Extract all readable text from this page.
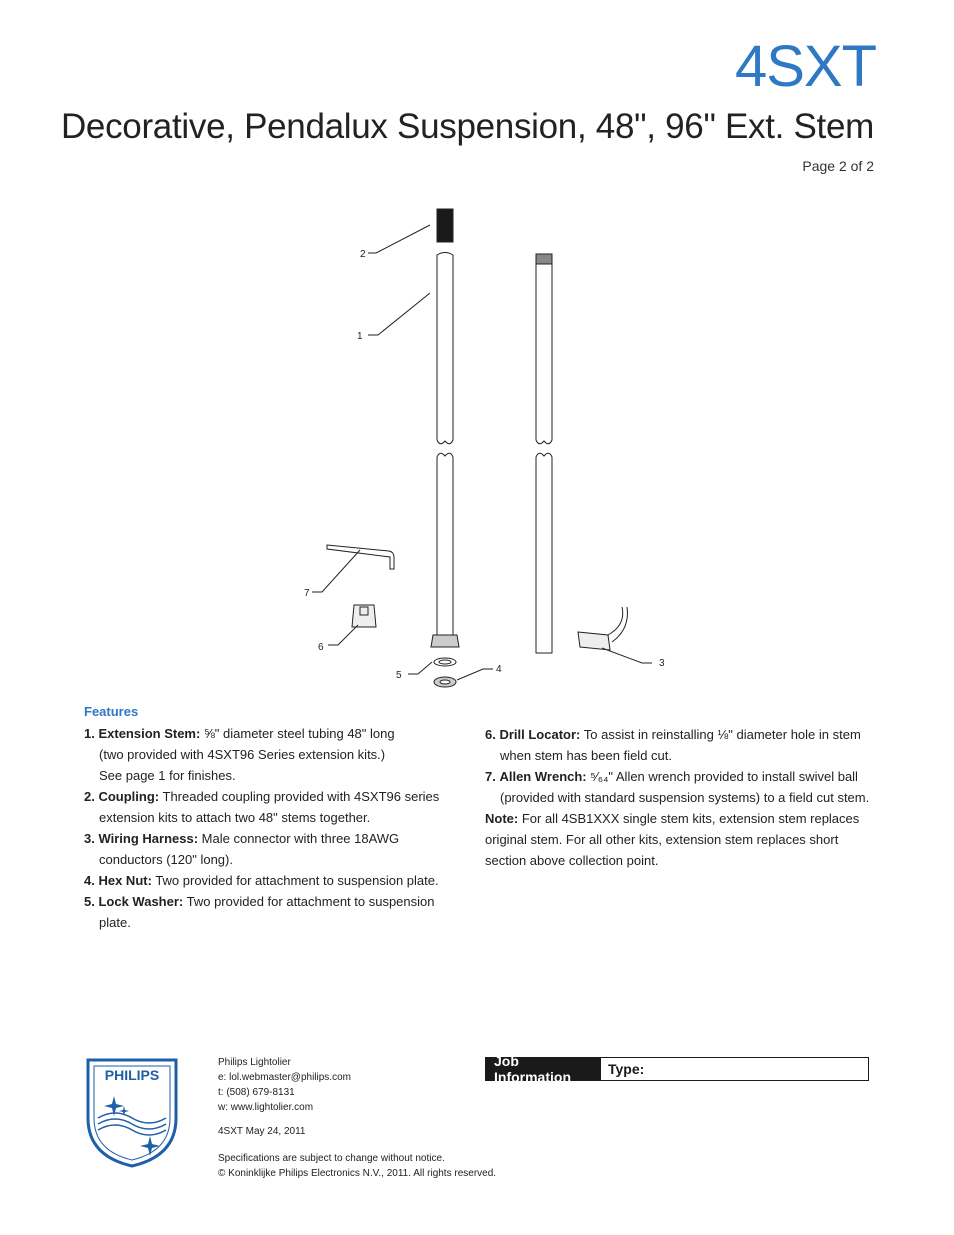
4SXT
Decorative, Pendalux Suspension, 48", 96" Ext. Stem
Page 2 of 2
2
1
7
6
5
4
3
Features
1. Extension Stem: ⅝" diameter steel tubing 48" long
(two provided with 4SXT96 Series extension kits.)
See page 1 for finishes.
2. Coupling: Threaded coupling provided with 4SXT96 series extension kits to attach two 48" stems together.
3. Wiring Harness: Male connector with three 18AWG conductors (120" long).
4. Hex Nut: Two provided for attachment to suspension plate.
5. Lock Washer: Two provided for attachment to suspension plate.
6. Drill Locator: To assist in reinstalling ⅛" diameter hole in stem when stem has been field cut.
7. Allen Wrench: ⁵⁄₆₄" Allen wrench provided to install swivel ball (provided with standard suspension systems) to a field cut stem.
Note: For all 4SB1XXX single stem kits, extension stem replaces original stem. For all other kits, extension stem replaces short section above collection point.
PHILIPS
Philips Lightolier
e: lol.webmaster@philips.com
t: (508) 679-8131
w: www.lightolier.com
4SXT May 24, 2011
Specifications are subject to change without notice.
© Koninklijke Philips Electronics N.V., 2011. All rights reserved.
Job Information	Type:
